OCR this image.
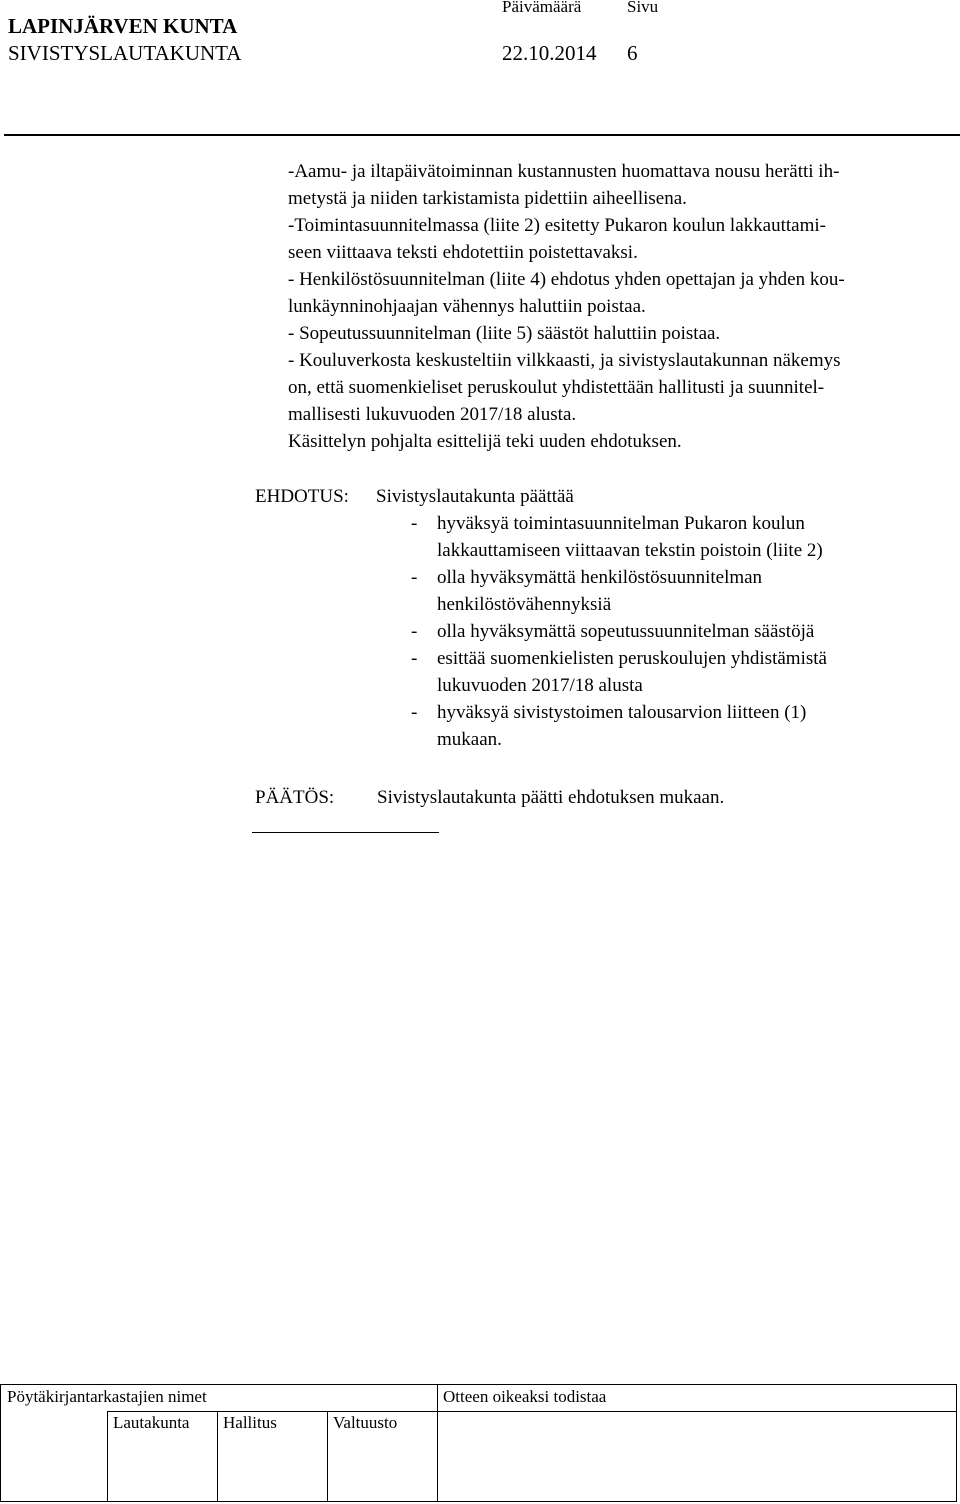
LAPINJÄRVEN KUNTA
SIVISTYSLAUTAKUNTA
Päivämäärä	Sivu
22.10.2014 6
-Aamu- ja iltapäivätoiminnan kustannusten huomattava nousu herätti ih-
metystä ja niiden tarkistamista pidettiin aiheellisena.
-Toimintasuunnitelmassa (liite 2) esitetty Pukaron koulun lakkauttami-
seen viittaava teksti ehdotettiin poistettavaksi.
- Henkilöstösuunnitelman (liite 4) ehdotus yhden opettajan ja yhden kou-
lunkäynninohjaajan vähennys haluttiin poistaa.
- Sopeutussuunnitelman (liite 5) säästöt haluttiin poistaa.
- Kouluverkosta keskusteltiin vilkkaasti, ja sivistyslautakunnan näkemys
on, että suomenkieliset peruskoulut yhdistettään hallitusti ja suunnitel-
mallisesti lukuvuoden 2017/18 alusta.
Käsittelyn pohjalta esittelijä teki uuden ehdotuksen.
EHDOTUS: Sivistyslautakunta päättää
- hyväksyä toimintasuunnitelman Pukaron koulun
lakkauttamiseen viittaavan tekstin poistoin (liite 2)
- olla hyväksymättä henkilöstösuunnitelman
henkilöstövähennyksiä
- olla hyväksymättä sopeutussuunnitelman säästöjä
- esittää suomenkielisten peruskoulujen yhdistämistä
lukuvuoden 2017/18 alusta
- hyväksyä sivistystoimen talousarvion liitteen (1)
mukaan.
PÄÄTÖS: Sivistyslautakunta päätti ehdotuksen mukaan.
Pöytäkirjantarkastajien nimet	Otteen oikeaksi todistaa
Lautakunta Hallitus	Valtuusto
